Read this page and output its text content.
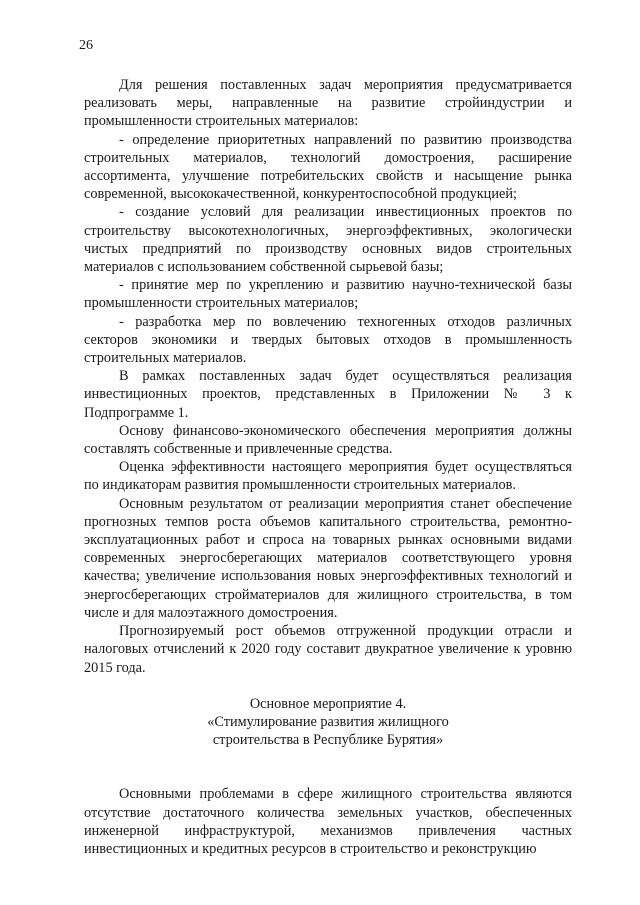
26

Для решения поставленных задач мероприятия предусматривается реализовать меры, направленные на развитие стройиндустрии и промышленности строительных материалов:

- определение приоритетных направлений по развитию производства строительных материалов, технологий домостроения, расширение ассортимента, улучшение потребительских свойств и насыщение рынка современной, высококачественной, конкурентоспособной продукцией;

- создание условий для реализации инвестиционных проектов по строительству высокотехнологичных, энергоэффективных, экологически чистых предприятий по производству основных видов строительных материалов с использованием собственной сырьевой базы;

- принятие мер по укреплению и развитию научно-технической базы промышленности строительных материалов;

- разработка мер по вовлечению техногенных отходов различных секторов экономики и твердых бытовых отходов в промышленность строительных материалов.

В рамках поставленных задач будет осуществляться реализация инвестиционных проектов, представленных в Приложении № 3 к Подпрограмме 1.

Основу финансово-экономического обеспечения мероприятия должны составлять собственные и привлеченные средства.

Оценка эффективности настоящего мероприятия будет осуществляться по индикаторам развития промышленности строительных материалов.

Основным результатом от реализации мероприятия станет обеспечение прогнозных темпов роста объемов капитального строительства, ремонтно-эксплуатационных работ и спроса на товарных рынках основными видами современных энергосберегающих материалов соответствующего уровня качества; увеличение использования новых энергоэффективных технологий и энергосберегающих стройматериалов для жилищного строительства, в том числе и для малоэтажного домостроения.

Прогнозируемый рост объемов отгруженной продукции отрасли и налоговых отчислений к 2020 году составит двукратное увеличение к уровню 2015 года.

Основное мероприятие 4.

«Стимулирование развития жилищного

строительства в Республике Бурятия»

Основными проблемами в сфере жилищного строительства являются отсутствие достаточного количества земельных участков, обеспеченных инженерной инфраструктурой, механизмов привлечения частных инвестиционных и кредитных ресурсов в строительство и реконструкцию
